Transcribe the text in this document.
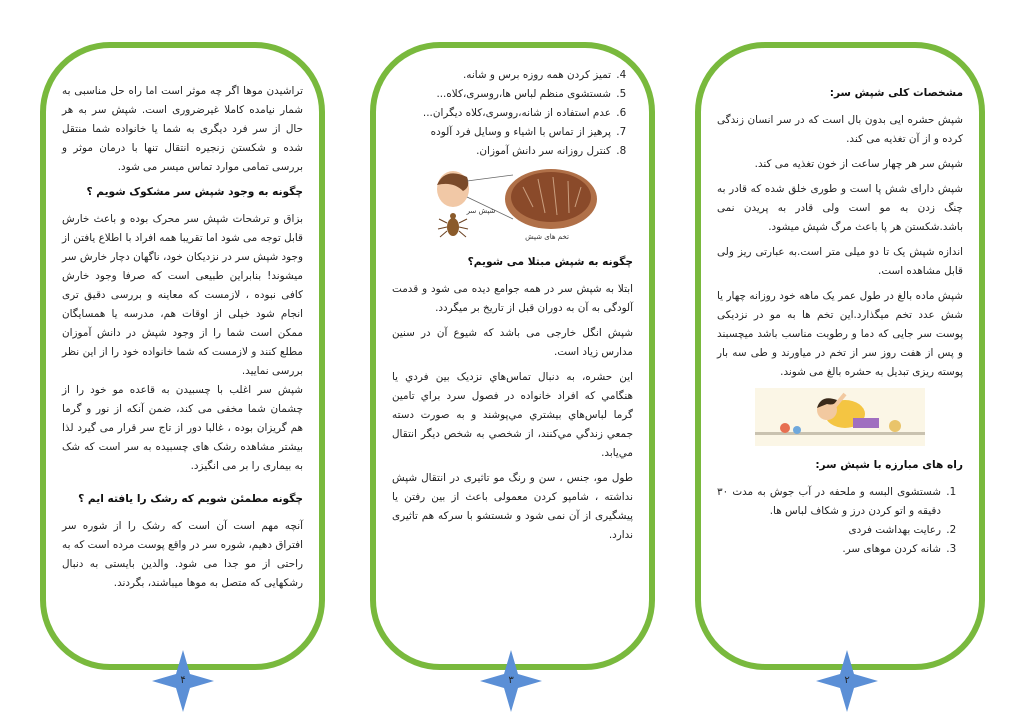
تراشیدن موها اگر چه موثر است اما راه حل مناسبی به شمار نیامده کاملا غیرضروری است. شپش سر به هر حال از سر فرد دیگری به شما یا خانواده شما منتقل شده و شکستن زنجیره انتقال تنها با درمان موثر و بررسی تمامی موارد تماس میسر می شود.

چگونه به وجود شپش سر مشکوک شویم ؟

بزاق و ترشحات شپش سر محرک بوده و باعث خارش قابل توجه می شود اما تقریبا همه افراد با اطلاع یافتن از وجود شپش سر در نزدیکان خود، ناگهان دچار خارش سر میشوند! بنابراین طبیعی است که صرفا وجود خارش کافی نبوده ، لازمست که معاینه و بررسی دقیق تری انجام شود خیلی از اوقات هم، مدرسه یا همسایگان ممکن است شما را از وجود شپش در دانش آموزان مطلع کنند و لازمست که شما خانواده خود را از این نظر بررسی نمایید.

شپش سر اغلب با چسبیدن به قاعده مو خود را از چشمان شما مخفی می کند، ضمن آنکه از نور و گرما هم گریزان بوده ، غالبا دور از تاج سر قرار می گیرد لذا بیشتر مشاهده رشک های چسبیده به سر است که شک به بیماری را بر می انگیزد.

چگونه مطمئن شویم که رشک را یافته ایم ؟

آنچه مهم است آن است که رشک را از شوره سر افتراق دهیم، شوره سر در واقع پوست مرده است که به راحتی از مو جدا می شود. والدین بایستی به دنبال رشکهایی که متصل به موها میباشند، بگردند.

4. تمیز کردن همه روزه برس و شانه.
5. شستشوی منظم لباس ها،روسری،کلاه...
6. عدم استفاده از شانه،روسری،کلاه دیگران...
7. پرهیز از تماس با اشیاء و وسایل فرد آلوده
8. کنترل روزانه سر دانش آموزان.
شپش سر
تخم های شپش
چگونه به شپش مبتلا می شویم؟

ابتلا به شپش سر در همه جوامع دیده می شود و قدمت آلودگی به آن به دوران قبل از تاریخ بر میگردد.

شپش انگل خارجی می باشد که شیوع آن در سنین مدارس زیاد است.

این حشره، به دنبال تماس‌هاي نزديک بين فردي يا هنگامي که افراد خانواده در فصول سرد براي تامين گرما لباس‌هاي بيشتري مي‌پوشند و به صورت دسته جمعي زندگي مي‌کنند، از شخصي به شخص ديگر انتقال مي‌يابد.

طول مو، جنس ، سن و رنگ مو تاثیری در انتقال شپش نداشته ، شامپو کردن معمولی باعث از بین رفتن یا پیشگیری از آن نمی شود و شستشو با سرکه هم تاثیری ندارد.

مشخصات کلی شپش سر:

شپش حشره ایی بدون بال است که در سر انسان زندگی کرده و از آن تغذیه می کند.

شپش سر هر چهار ساعت از خون تغذیه می کند.

شپش دارای شش پا است و طوری خلق شده که قادر به چنگ زدن به مو است ولی قادر به پریدن نمی باشد.شکستن هر پا باعث مرگ شپش میشود.

اندازه شپش یک تا دو میلی متر است.به عبارتی ریز ولی قابل مشاهده است.

شپش ماده بالغ در طول عمر یک ماهه خود روزانه چهار یا شش عدد تخم میگذارد.این تخم ها به مو در نزدیکی پوست سر جایی که دما و رطوبت مناسب باشد میچسبند و پس از هفت روز سر از تخم در میاورند و طی سه بار پوسته ریزی تبدیل به حشره بالغ می شوند.

راه های مبارزه با شپش سر:
1. شستشوی البسه و ملحفه در آب جوش به مدت ۳۰ دقیقه و اتو کردن درز و شکاف لباس ها.
2. رعایت بهداشت فردی
3. شانه کردن موهای سر.
۴	۳	۲
